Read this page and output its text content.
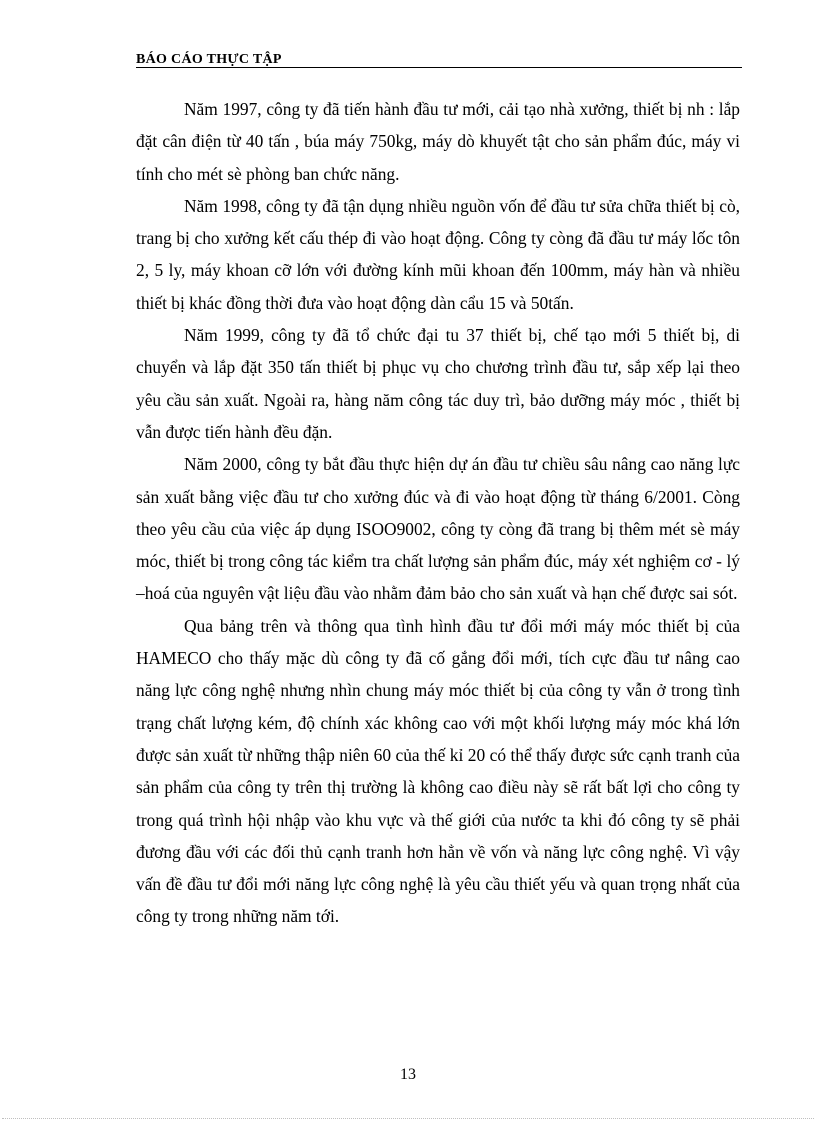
BÁO CÁO THỰC TẬP

Năm 1997, công ty đã tiến hành đầu tư mới, cải tạo nhà xưởng, thiết bị nh : lắp đặt cân điện từ 40 tấn , búa máy 750kg, máy dò khuyết tật cho sản phẩm đúc, máy vi tính cho mét sè phòng ban chức năng.

Năm 1998, công ty đã tận dụng nhiều nguồn vốn để đầu tư sửa chữa thiết bị cò, trang bị cho xưởng kết cấu thép đi vào hoạt động. Công ty còng đã đầu tư máy lốc tôn 2, 5 ly, máy khoan cỡ lớn với đường kính mũi khoan đến 100mm, máy hàn và nhiều thiết bị khác đồng thời đưa vào hoạt động dàn cẩu 15 và 50tấn.

Năm 1999, công ty đã tổ chức đại tu 37 thiết bị, chế tạo mới 5 thiết bị, di chuyển và lắp đặt 350 tấn thiết bị phục vụ cho chương trình đầu tư, sắp xếp lại theo yêu cầu sản xuất. Ngoài ra, hàng năm công tác duy trì, bảo dưỡng máy móc , thiết bị vẫn được tiến hành đều đặn.

Năm 2000, công ty bắt đầu thực hiện dự án đầu tư chiều sâu nâng cao năng lực sản xuất bằng việc đầu tư cho xưởng đúc và đi vào hoạt động từ tháng 6/2001. Còng theo yêu cầu của việc áp dụng ISOO9002, công ty còng đã trang bị thêm mét sè máy móc, thiết bị trong công tác kiểm tra chất lượng sản phẩm đúc, máy xét nghiệm cơ - lý –hoá của nguyên vật liệu đầu vào nhằm đảm bảo cho sản xuất và hạn chế được sai sót.

Qua bảng trên và thông qua tình hình đầu tư đổi mới máy móc thiết bị của HAMECO cho thấy mặc dù công ty đã cố gắng đổi mới, tích cực đầu tư nâng cao năng lực công nghệ nhưng nhìn chung máy móc thiết bị của công ty vẫn ở trong tình trạng chất lượng kém, độ chính xác không cao với một khối lượng máy móc khá lớn được sản xuất từ những thập niên 60 của thế kỉ 20 có thể thấy được sức cạnh tranh của sản phẩm của công ty trên thị trường là không cao điều này sẽ rất bất lợi cho công ty trong quá trình hội nhập vào khu vực và thế giới của nước ta khi đó công ty sẽ phải đương đầu với các đối thủ cạnh tranh hơn hẳn về vốn và năng lực công nghệ. Vì vậy vấn đề đầu tư đổi mới năng lực công nghệ là yêu cầu thiết yếu và quan trọng nhất của công ty trong những năm tới.

13
